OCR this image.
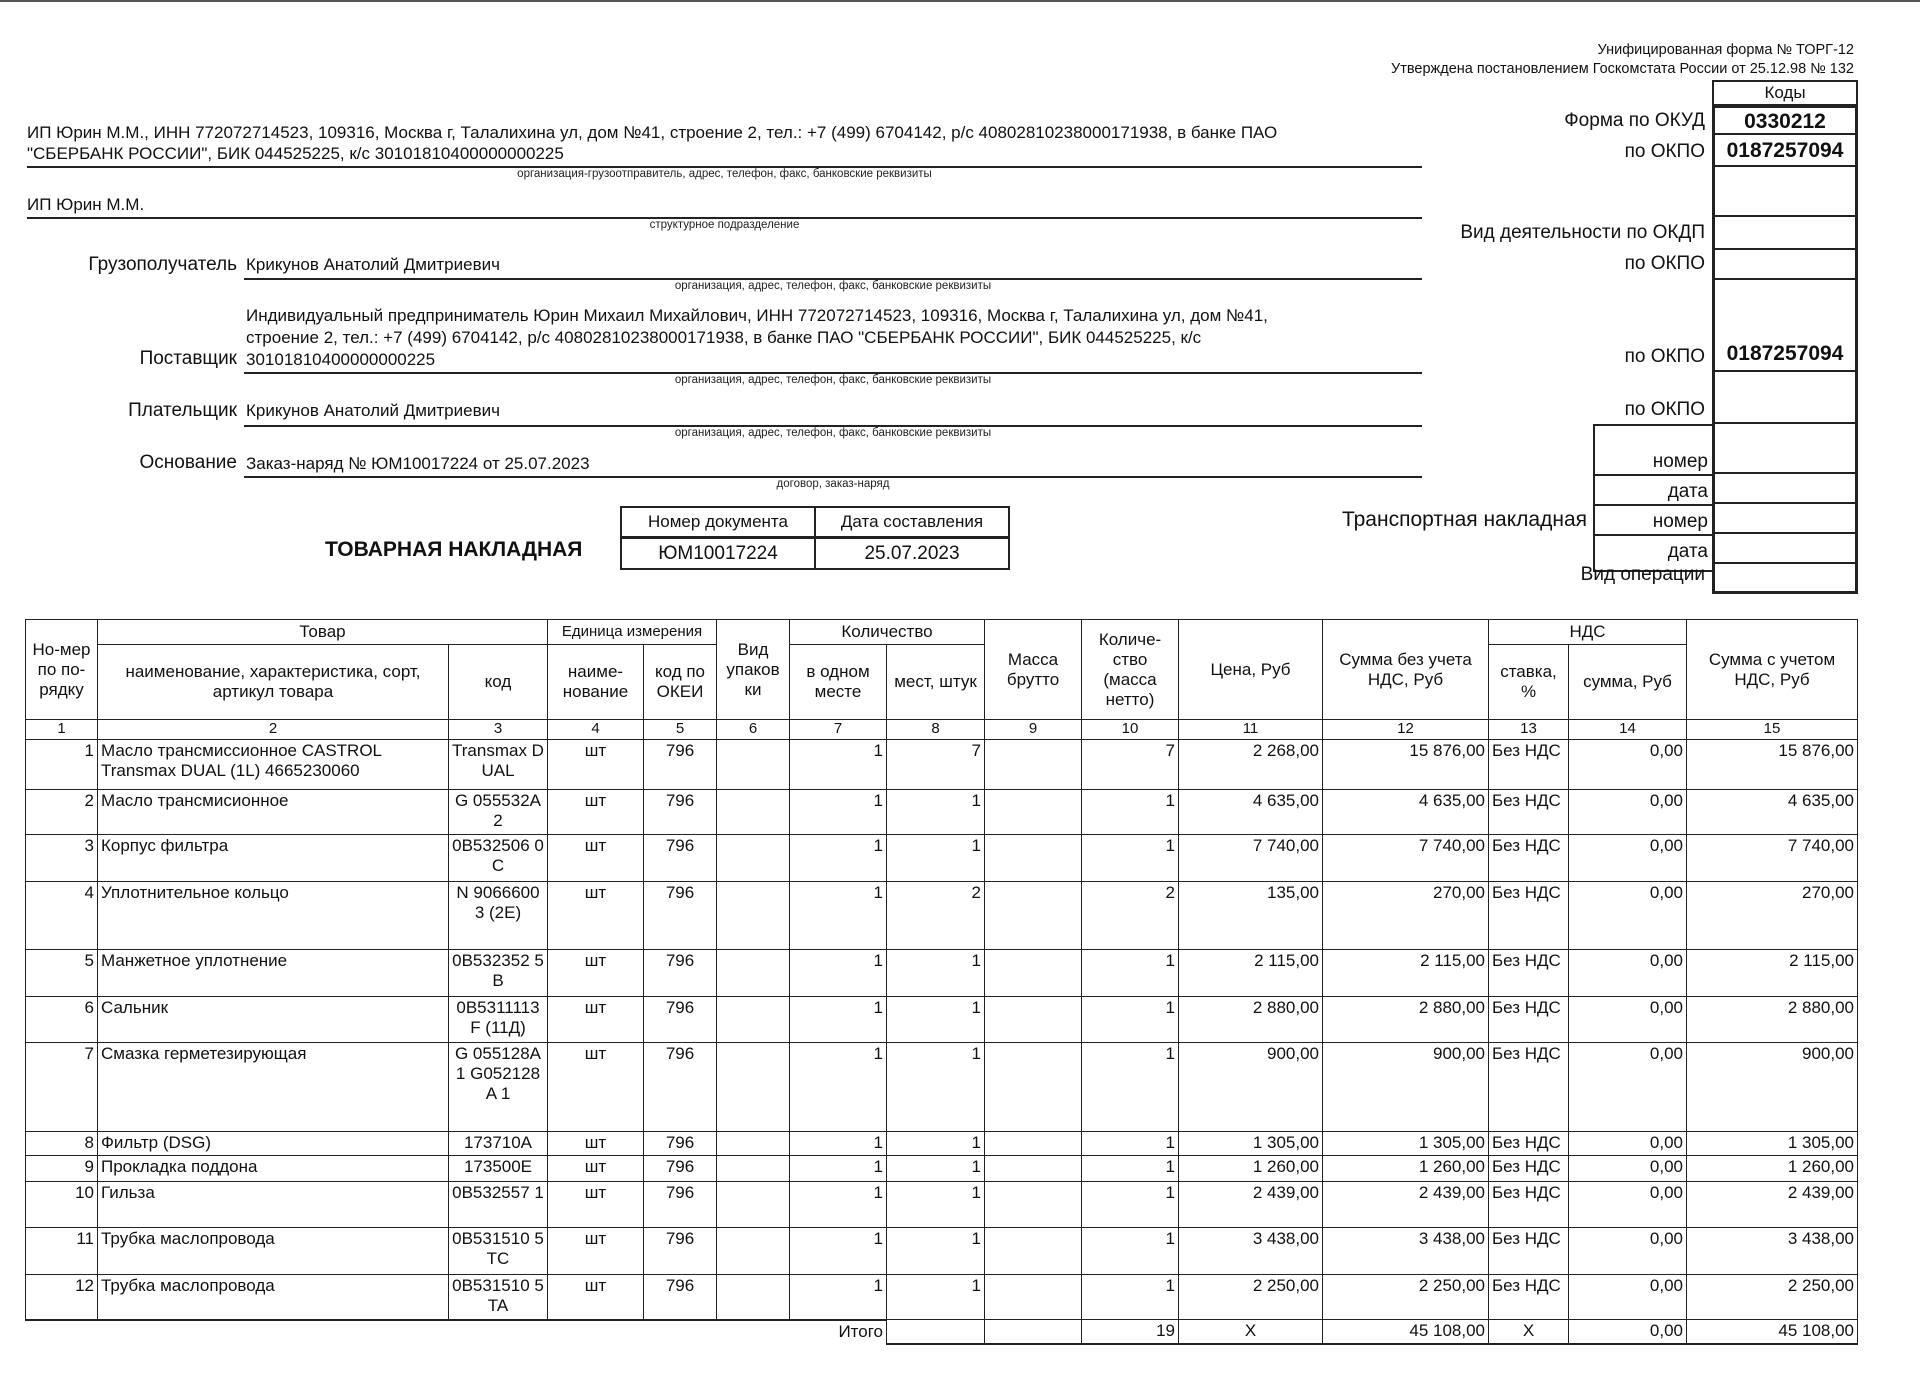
Унифицированная форма № ТОРГ-12
Утверждена постановлением Госкомстата России от 25.12.98 № 132
Коды
Форма по ОКУД	0330212
по ОКПО	0187257094
Вид деятельности по ОКДП
по ОКПО
по ОКПО	0187257094
по ОКПО
номер
дата
Транспортная накладная	номер
дата
Вид операции
ИП Юрин М.М., ИНН 772072714523, 109316, Москва г, Талалихина ул, дом №41, строение 2, тел.: +7 (499) 6704142, р/с 40802810238000171938, в банке ПАО
"СБЕРБАНК РОССИИ", БИК 044525225, к/с 30101810400000000225
организация-грузоотправитель, адрес, телефон, факс, банковские реквизиты
ИП Юрин М.М.
структурное подразделение
Грузополучатель Крикунов Анатолий Дмитриевич
организация, адрес, телефон, факс, банковские реквизиты
Индивидуальный предприниматель Юрин Михаил Михайлович, ИНН 772072714523, 109316, Москва г, Талалихина ул, дом №41,
строение 2, тел.: +7 (499) 6704142, р/с 40802810238000171938, в банке ПАО "СБЕРБАНК РОССИИ", БИК 044525225, к/с
Поставщик 30101810400000000225
организация, адрес, телефон, факс, банковские реквизиты
Плательщик Крикунов Анатолий Дмитриевич
организация, адрес, телефон, факс, банковские реквизиты
Основание Заказ-наряд № ЮМ10017224 от 25.07.2023
договор, заказ-наряд
ТОВАРНАЯ НАКЛАДНАЯ
Номер документа	Дата составления
ЮМ10017224	25.07.2023
Но-мер по по-рядку	Товар		Единица измерения		Вид упаков ки	Количество		Масса брутто	Количе-ство (масса нетто)	Цена, Руб	Сумма без учета НДС, Руб	НДС		Сумма с учетом НДС, Руб
	наименование, характеристика, сорт, артикул товара	код	наиме-нование	код по ОКЕИ		в одном месте	мест, штук					ставка, %	сумма, Руб	
1	2	3	4	5	6	7	8	9	10	11	12	13	14	15
1	Масло трансмиссионное CASTROL Transmax DUAL (1L) 4665230060	Transmax DUAL	шт	796		1	7		7	2 268,00	15 876,00	Без НДС	0,00	15 876,00
2	Масло трансмисионное	G 055532A2	шт	796		1	1		1	4 635,00	4 635,00	Без НДС	0,00	4 635,00
3	Корпус фильтра	0B532506 0C	шт	796		1	1		1	7 740,00	7 740,00	Без НДС	0,00	7 740,00
4	Уплотнительное кольцо	N 90666003 (2E)	шт	796		1	2		2	135,00	270,00	Без НДС	0,00	270,00
5	Манжетное уплотнение	0B532352 5B	шт	796		1	1		1	2 115,00	2 115,00	Без НДС	0,00	2 115,00
6	Сальник	0B5311113 F (11Д)	шт	796		1	1		1	2 880,00	2 880,00	Без НДС	0,00	2 880,00
7	Смазка герметезирующая	G 055128A1 G052128A 1	шт	796		1	1		1	900,00	900,00	Без НДС	0,00	900,00
8	Фильтр (DSG)	173710A	шт	796		1	1		1	1 305,00	1 305,00	Без НДС	0,00	1 305,00
9	Прокладка поддона	173500E	шт	796		1	1		1	1 260,00	1 260,00	Без НДС	0,00	1 260,00
10	Гильза	0B532557 1	шт	796		1	1		1	2 439,00	2 439,00	Без НДС	0,00	2 439,00
11	Трубка маслопровода	0B531510 5TC	шт	796		1	1		1	3 438,00	3 438,00	Без НДС	0,00	3 438,00
12	Трубка маслопровода	0B531510 5TA	шт	796		1	1		1	2 250,00	2 250,00	Без НДС	0,00	2 250,00
Итого									19	X	45 108,00	X	0,00	45 108,00
